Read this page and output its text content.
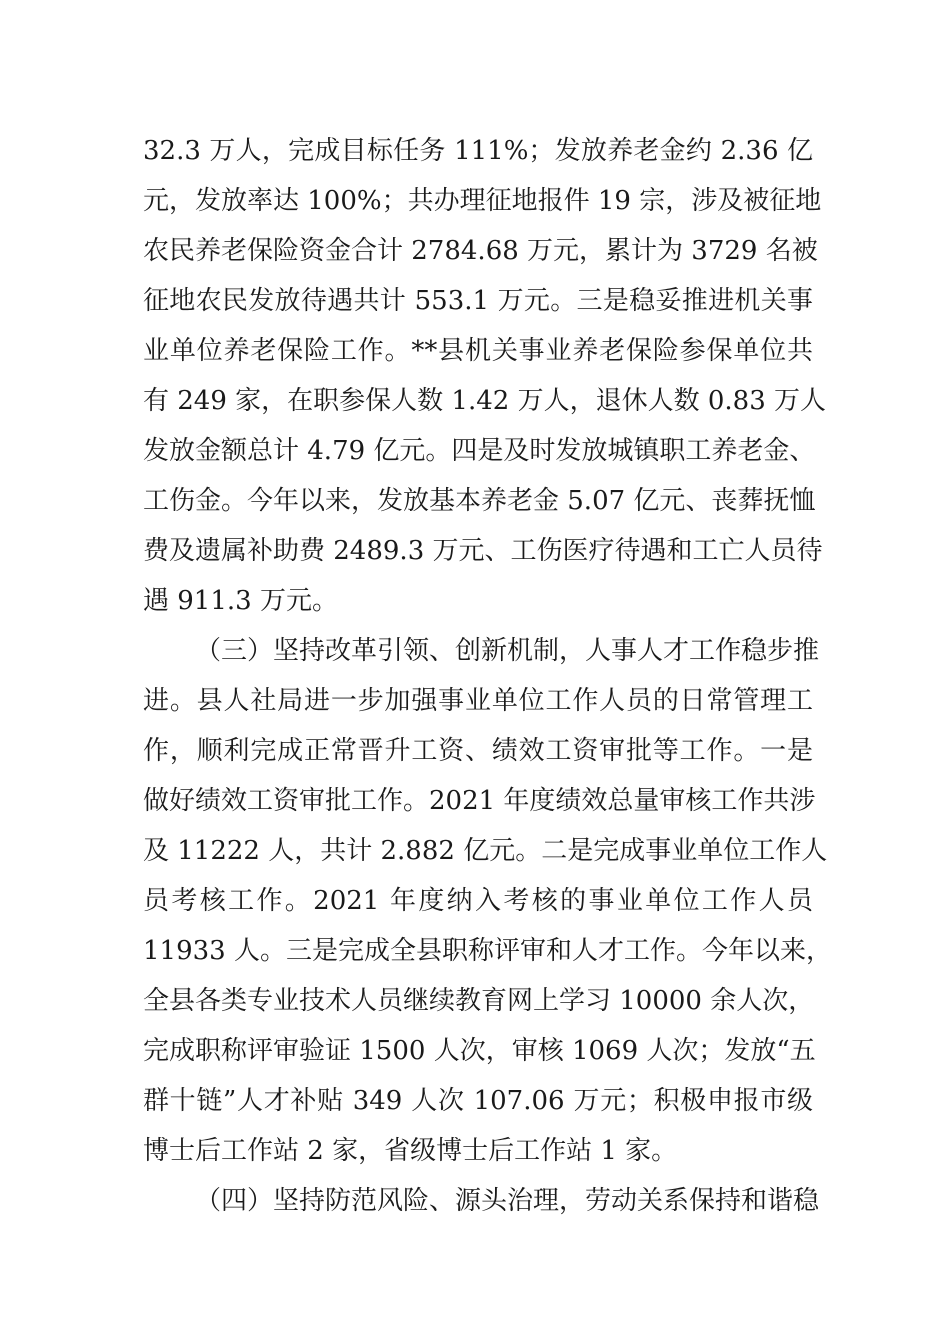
32.3 万人，完成目标任务 111%；发放养老金约 2.36 亿
元，发放率达 100%；共办理征地报件 19 宗，涉及被征地
农民养老保险资金合计 2784.68 万元，累计为 3729 名被
征地农民发放待遇共计 553.1 万元。三是稳妥推进机关事
业单位养老保险工作。**县机关事业养老保险参保单位共
有 249 家，在职参保人数 1.42 万人，退休人数 0.83 万人
发放金额总计 4.79 亿元。四是及时发放城镇职工养老金、
工伤金。今年以来，发放基本养老金 5.07 亿元、丧葬抚恤
费及遗属补助费 2489.3 万元、工伤医疗待遇和工亡人员待
遇 911.3 万元。
（三）坚持改革引领、创新机制，人事人才工作稳步推
进。县人社局进一步加强事业单位工作人员的日常管理工
作，顺利完成正常晋升工资、绩效工资审批等工作。一是
做好绩效工资审批工作。2021 年度绩效总量审核工作共涉
及 11222 人，共计 2.882 亿元。二是完成事业单位工作人
员考核工作。2021 年度纳入考核的事业单位工作人员
11933 人。三是完成全县职称评审和人才工作。今年以来，
全县各类专业技术人员继续教育网上学习 10000 余人次，
完成职称评审验证 1500 人次，审核 1069 人次；发放“五
群十链”人才补贴 349 人次 107.06 万元；积极申报市级
博士后工作站 2 家，省级博士后工作站 1 家。
（四）坚持防范风险、源头治理，劳动关系保持和谐稳
